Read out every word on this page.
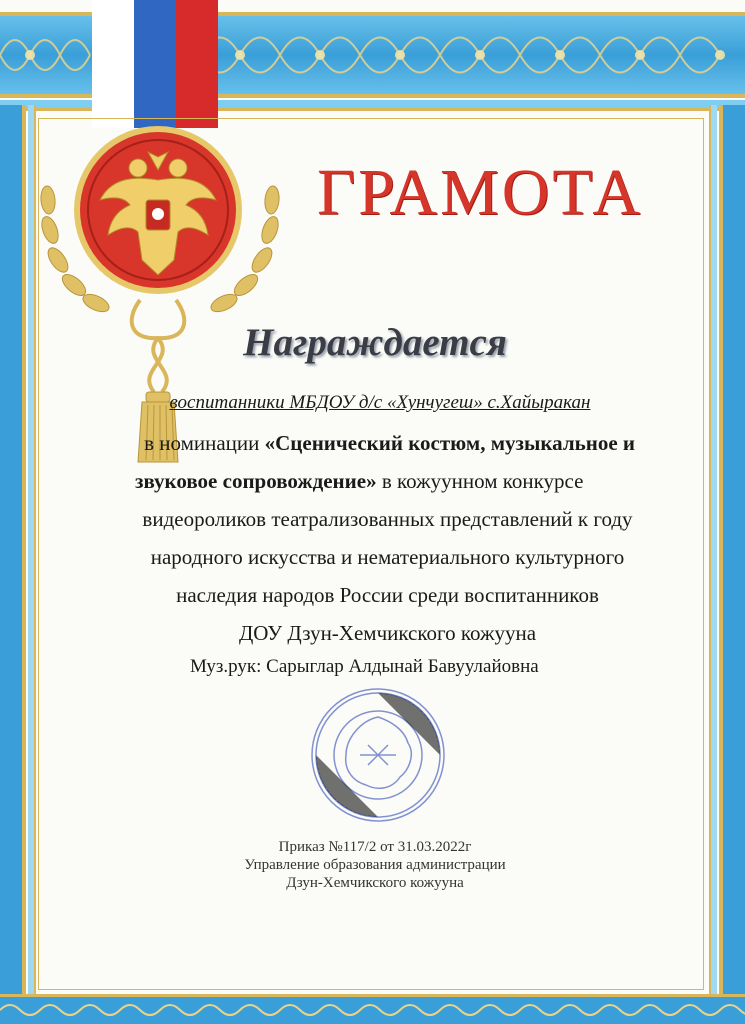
ГРАМОТА
Награждается
воспитанники МБДОУ д/с «Хунчугеш» с.Хайыракан
в номинации «Сценический костюм, музыкальное и
звуковое сопровождение» в кожуунном конкурсе
видеороликов театрализованных представлений к году
народного искусства и нематериального культурного
наследия народов России среди воспитанников
ДОУ Дзун-Хемчикского кожууна
Муз.рук: Сарыглар Алдынай Бавуулайовна
Приказ №117/2 от 31.03.2022г
Управление образования администрации
Дзун-Хемчикского кожууна
